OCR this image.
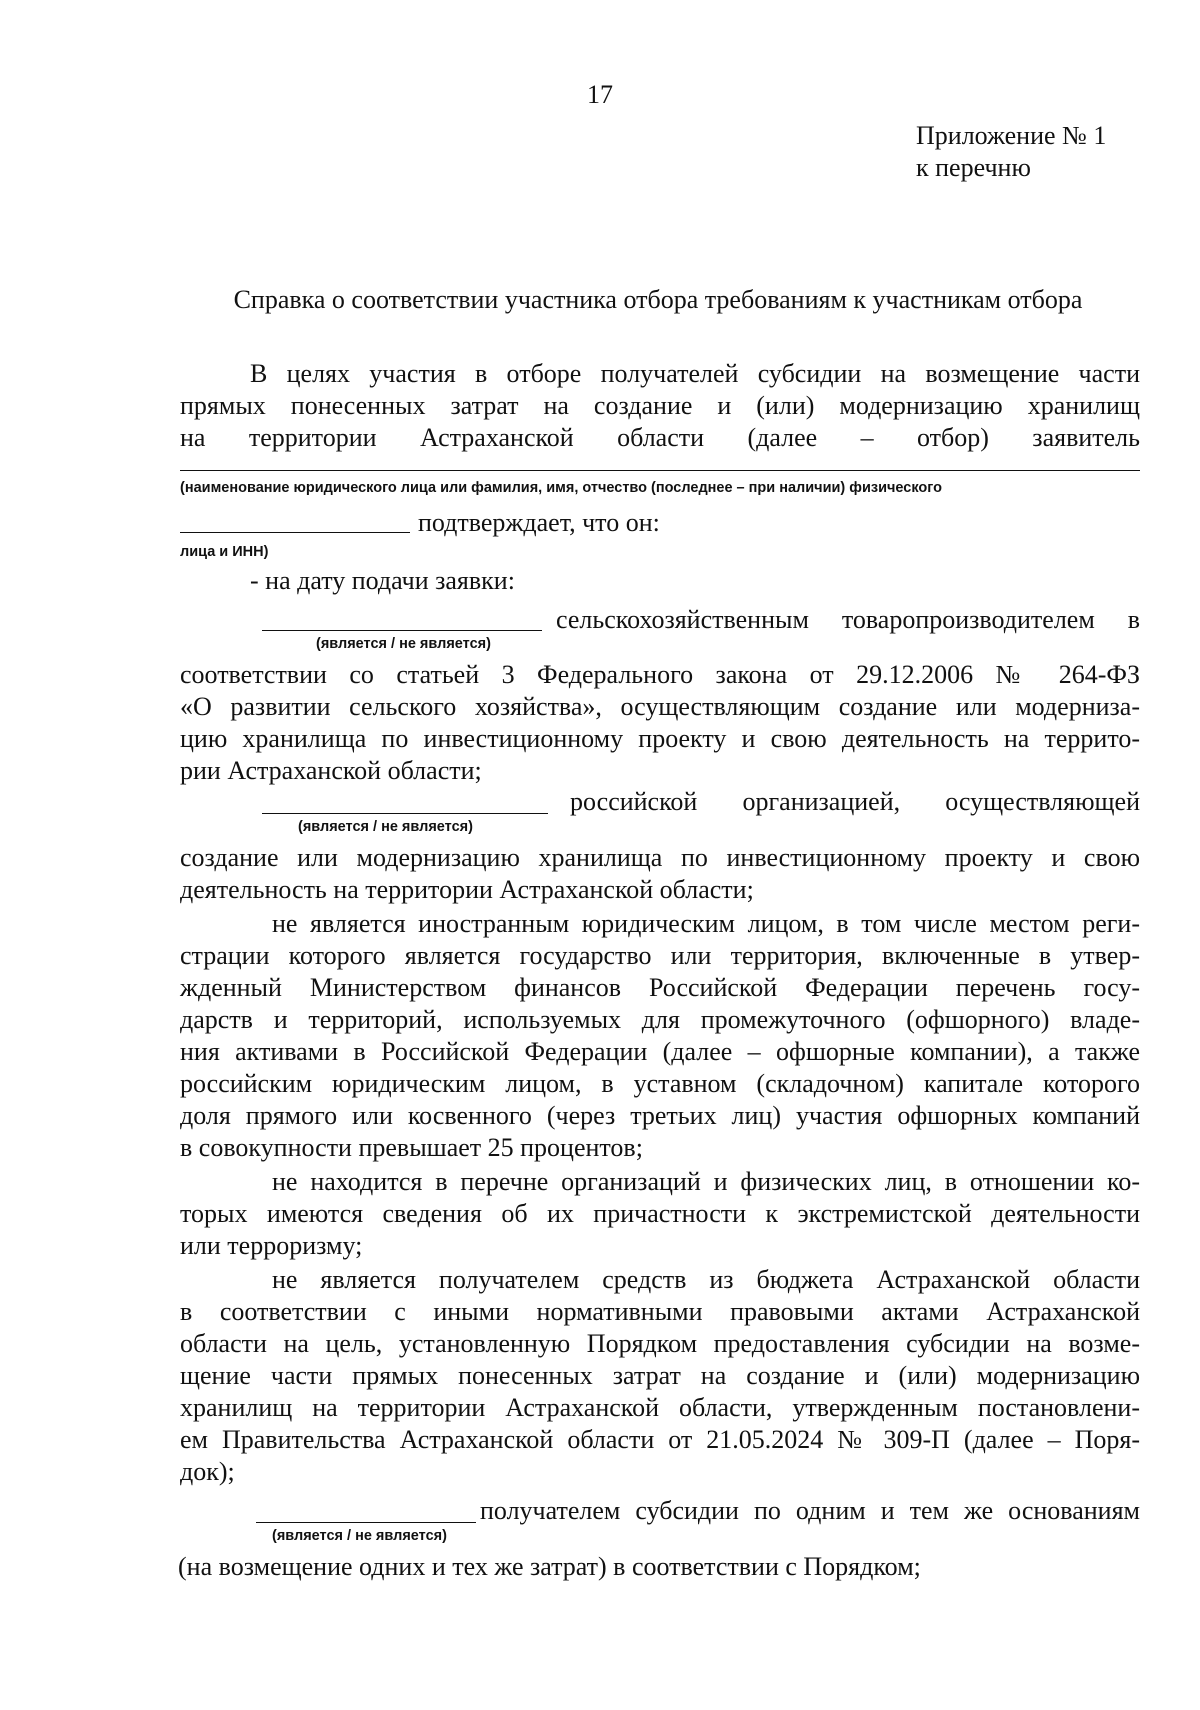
17
Приложение № 1
к перечню
Справка о соответствии участника отбора требованиям к участникам отбора
В целях участия в отборе получателей субсидии на возмещение части
прямых понесенных затрат на создание и (или) модернизацию хранилищ
на территории Астраханской области (далее – отбор) заявитель
(наименование юридического лица или фамилия, имя, отчество (последнее – при наличии) физического
подтверждает, что он:
лица и ИНН)
- на дату подачи заявки:
сельскохозяйственным товаропроизводителем в
(является / не является)
соответствии со статьей 3 Федерального закона от 29.12.2006 № 264-ФЗ
«О развитии сельского хозяйства», осуществляющим создание или модерниза-
цию хранилища по инвестиционному проекту и свою деятельность на террито-
рии Астраханской области;
российской организацией, осуществляющей
(является / не является)
создание или модернизацию хранилища по инвестиционному проекту и свою
деятельность на территории Астраханской области;
не является иностранным юридическим лицом, в том числе местом реги-
страции которого является государство или территория, включенные в утвер-
жденный Министерством финансов Российской Федерации перечень госу-
дарств и территорий, используемых для промежуточного (офшорного) владе-
ния активами в Российской Федерации (далее – офшорные компании), а также
российским юридическим лицом, в уставном (складочном) капитале которого
доля прямого или косвенного (через третьих лиц) участия офшорных компаний
в совокупности превышает 25 процентов;
не находится в перечне организаций и физических лиц, в отношении ко-
торых имеются сведения об их причастности к экстремистской деятельности
или терроризму;
не является получателем средств из бюджета Астраханской области
в соответствии с иными нормативными правовыми актами Астраханской
области на цель, установленную Порядком предоставления субсидии на возме-
щение части прямых понесенных затрат на создание и (или) модернизацию
хранилищ на территории Астраханской области, утвержденным постановлени-
ем Правительства Астраханской области от 21.05.2024 № 309-П (далее – Поря-
док);
получателем субсидии по одним и тем же основаниям
(является / не является)
(на возмещение одних и тех же затрат) в соответствии с Порядком;
